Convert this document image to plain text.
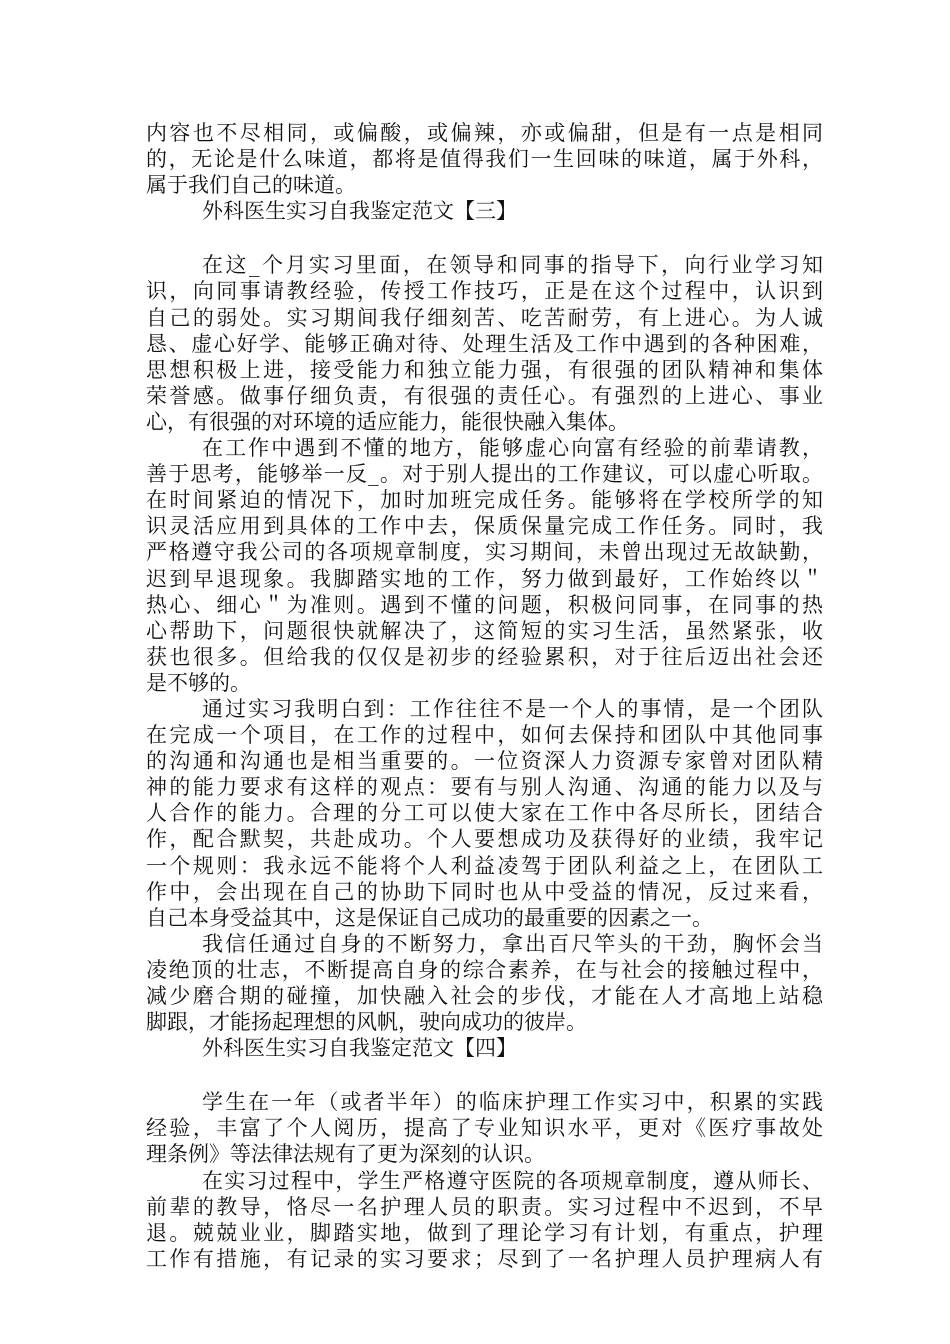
内容也不尽相同，或偏酸，或偏辣，亦或偏甜，但是有一点是相同
的，无论是什么味道，都将是值得我们一生回味的味道，属于外科，
属于我们自己的味道。
外科医生实习自我鉴定范文【三】
在这_个月实习里面，在领导和同事的指导下，向行业学习知
识，向同事请教经验，传授工作技巧，正是在这个过程中，认识到
自己的弱处。实习期间我仔细刻苦、吃苦耐劳，有上进心。为人诚
恳、虚心好学、能够正确对待、处理生活及工作中遇到的各种困难，
思想积极上进，接受能力和独立能力强，有很强的团队精神和集体
荣誉感。做事仔细负责，有很强的责任心。有强烈的上进心、事业
心，有很强的对环境的适应能力，能很快融入集体。
在工作中遇到不懂的地方，能够虚心向富有经验的前辈请教，
善于思考，能够举一反_。对于别人提出的工作建议，可以虚心听取。
在时间紧迫的情况下，加时加班完成任务。能够将在学校所学的知
识灵活应用到具体的工作中去，保质保量完成工作任务。同时，我
严格遵守我公司的各项规章制度，实习期间，未曾出现过无故缺勤，
迟到早退现象。我脚踏实地的工作，努力做到最好，工作始终以＂
热心、细心＂为准则。遇到不懂的问题，积极问同事，在同事的热
心帮助下，问题很快就解决了，这简短的实习生活，虽然紧张，收
获也很多。但给我的仅仅是初步的经验累积，对于往后迈出社会还
是不够的。
通过实习我明白到：工作往往不是一个人的事情，是一个团队
在完成一个项目，在工作的过程中，如何去保持和团队中其他同事
的沟通和沟通也是相当重要的。一位资深人力资源专家曾对团队精
神的能力要求有这样的观点：要有与别人沟通、沟通的能力以及与
人合作的能力。合理的分工可以使大家在工作中各尽所长，团结合
作，配合默契，共赴成功。个人要想成功及获得好的业绩，我牢记
一个规则：我永远不能将个人利益凌驾于团队利益之上，在团队工
作中，会出现在自己的协助下同时也从中受益的情况，反过来看，
自己本身受益其中，这是保证自己成功的最重要的因素之一。
我信任通过自身的不断努力，拿出百尺竿头的干劲，胸怀会当
凌绝顶的壮志，不断提高自身的综合素养，在与社会的接触过程中，
减少磨合期的碰撞，加快融入社会的步伐，才能在人才高地上站稳
脚跟，才能扬起理想的风帆，驶向成功的彼岸。
外科医生实习自我鉴定范文【四】
学生在一年（或者半年）的临床护理工作实习中，积累的实践
经验，丰富了个人阅历，提高了专业知识水平，更对《医疗事故处
理条例》等法律法规有了更为深刻的认识。
在实习过程中，学生严格遵守医院的各项规章制度，遵从师长、
前辈的教导，恪尽一名护理人员的职责。实习过程中不迟到，不早
退。兢兢业业，脚踏实地，做到了理论学习有计划，有重点，护理
工作有措施，有记录的实习要求；尽到了一名护理人员护理病人有
